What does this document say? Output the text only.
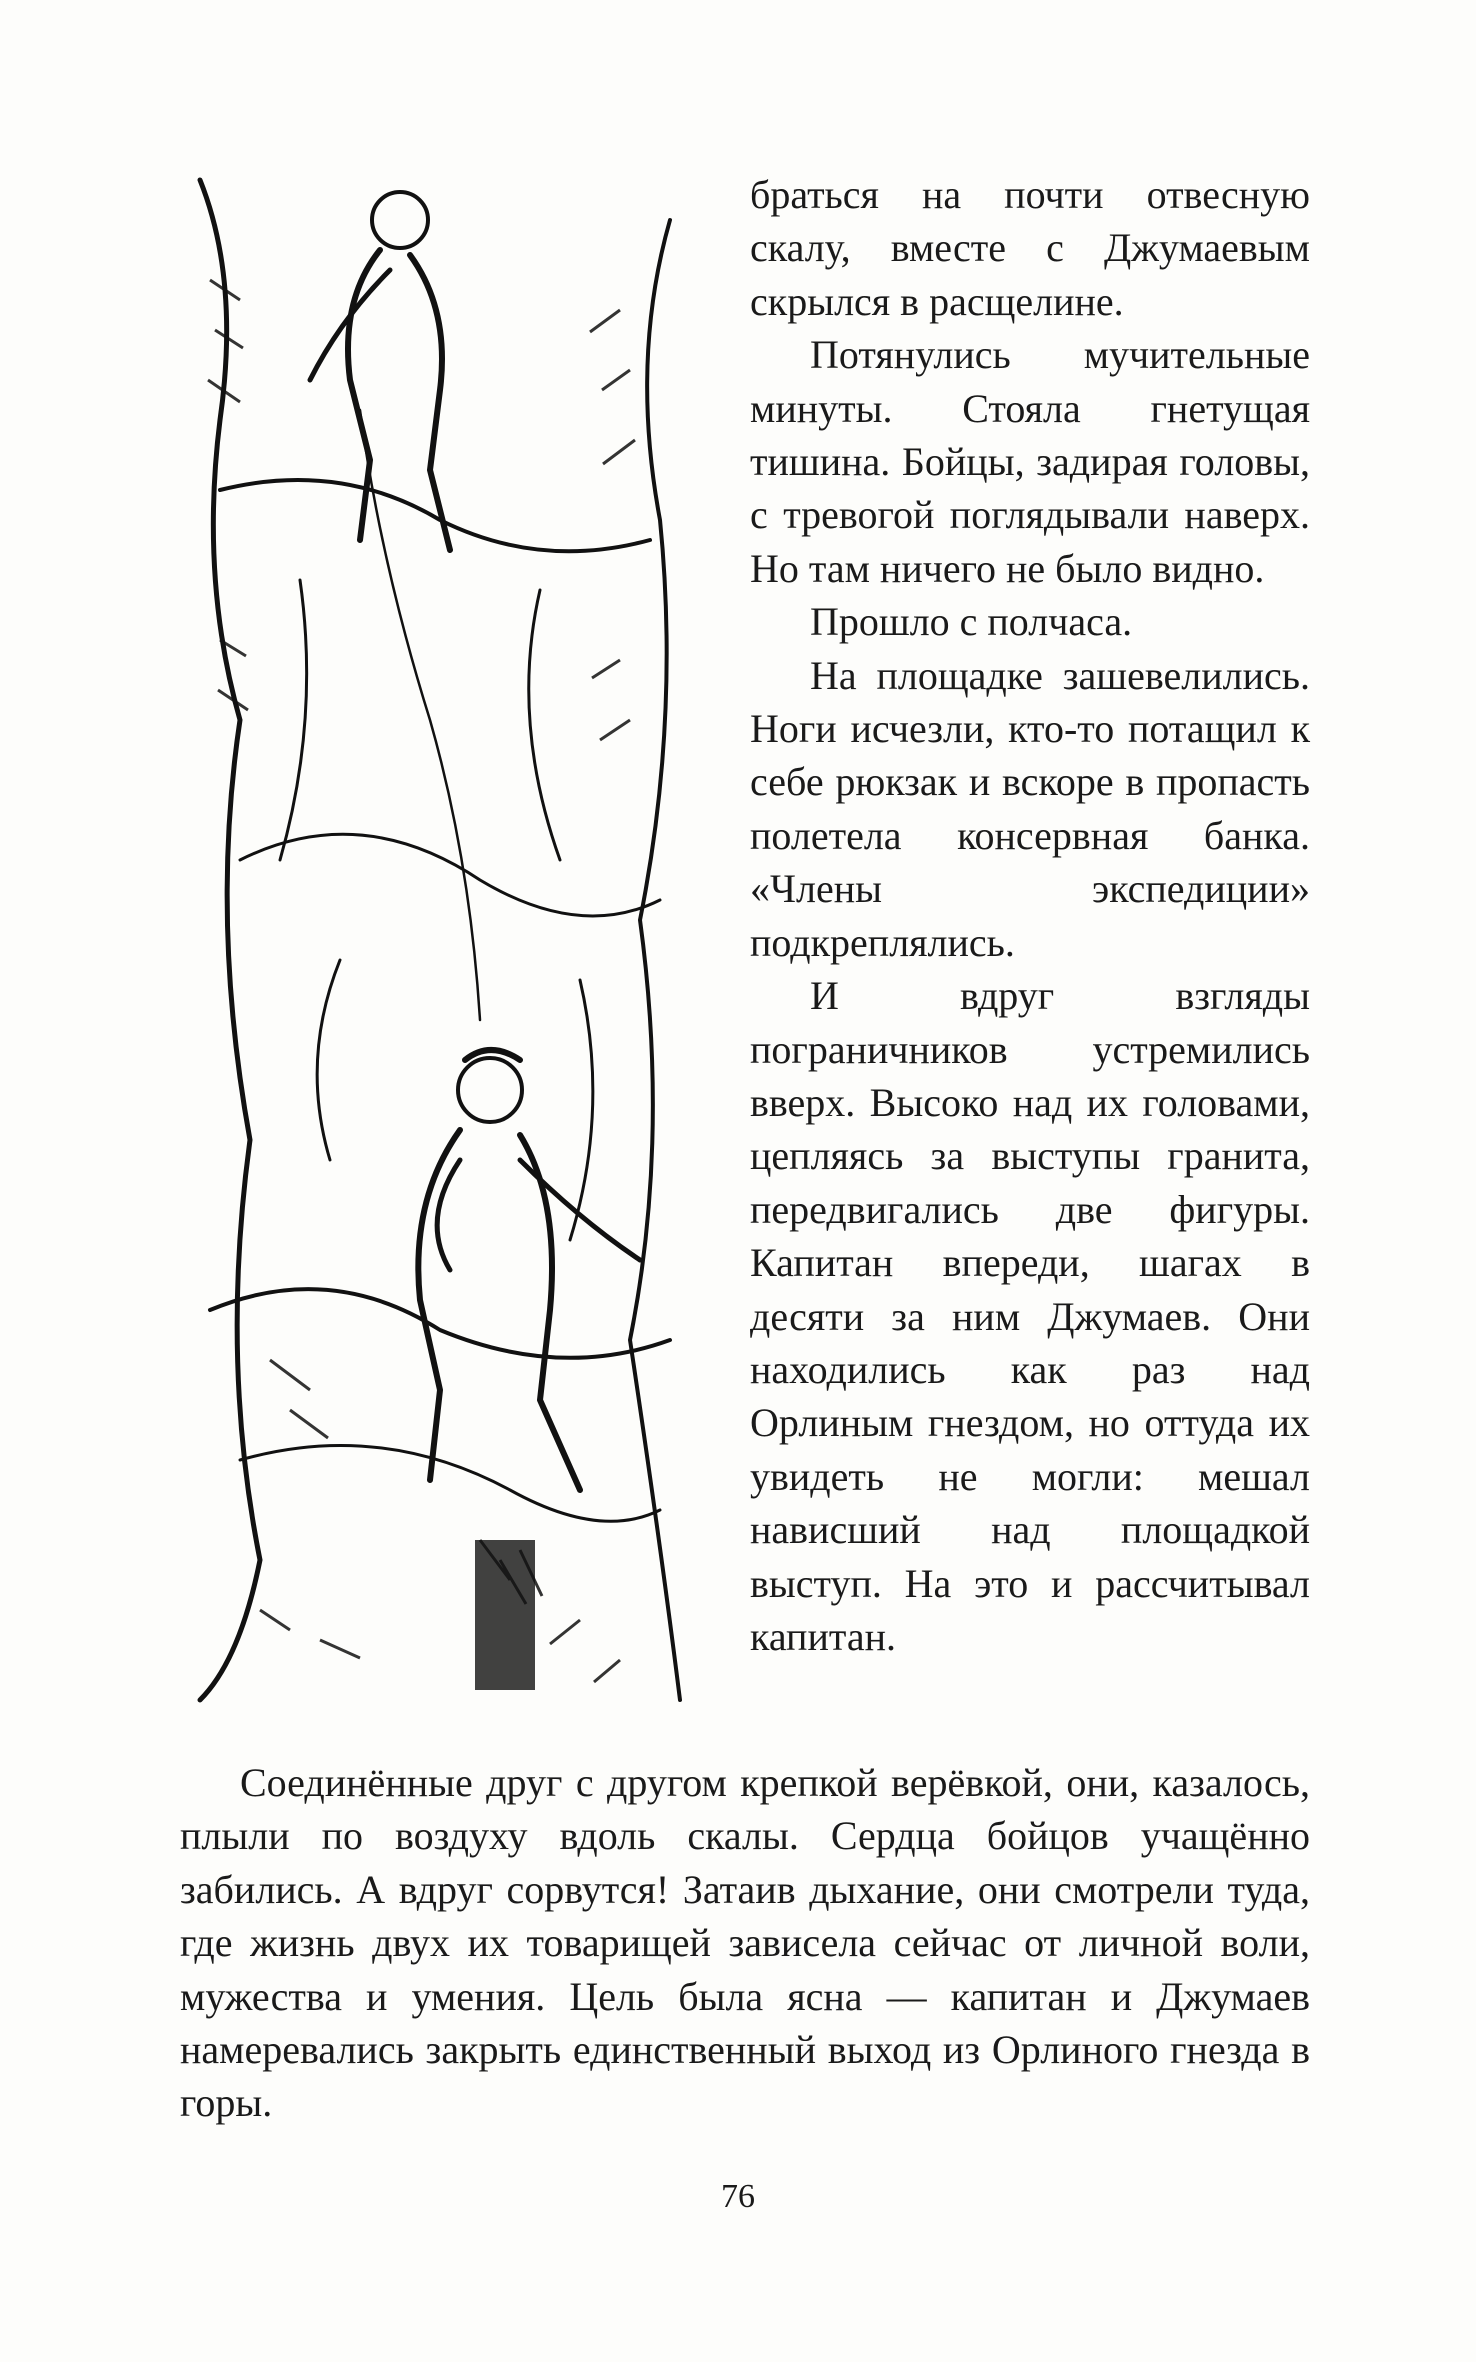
браться на почти отвесную скалу, вместе с Джумаевым скрылся в расщелине.

Потянулись мучительные минуты. Стояла гнетущая тишина. Бойцы, задирая головы, с тревогой поглядывали наверх. Но там ничего не было видно.

Прошло с полчаса.

На площадке зашевелились. Ноги исчезли, кто-то потащил к себе рюкзак и вскоре в пропасть полетела консервная банка. «Члены экспедиции» подкреплялись.

И вдруг взгляды пограничников устремились вверх. Высоко над их головами, цепляясь за выступы гранита, передвигались две фигуры. Капитан впереди, шагах в десяти за ним Джумаев. Они находились как раз над Орлиным гнездом, но оттуда их увидеть не могли: мешал нависший над площадкой выступ. На это и рассчитывал капитан.

Соединённые друг с другом крепкой верёвкой, они, казалось, плыли по воздуху вдоль скалы. Сердца бойцов учащённо забились. А вдруг сорвутся! Затаив дыхание, они смотрели туда, где жизнь двух их товарищей зависела сейчас от личной воли, мужества и умения. Цель была ясна — капитан и Джумаев намеревались закрыть единственный выход из Орлиного гнезда в горы.

76
